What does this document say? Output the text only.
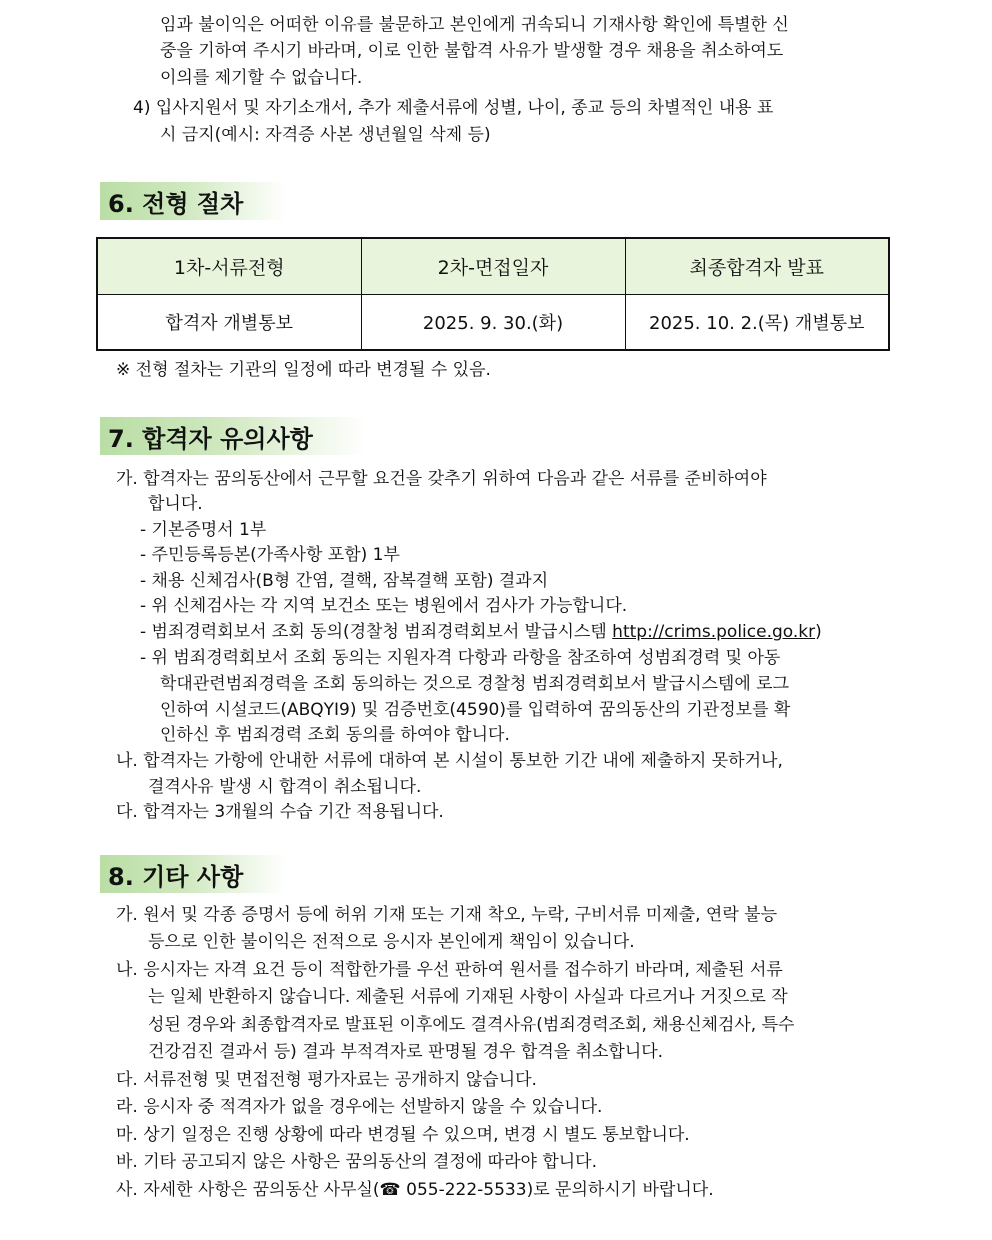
임과 불이익은 어떠한 이유를 불문하고 본인에게 귀속되니 기재사항 확인에 특별한 신
중을 기하여 주시기 바라며, 이로 인한 불합격 사유가 발생할 경우 채용을 취소하여도
이의를 제기할 수 없습니다.
4) 입사지원서 및 자기소개서, 추가 제출서류에 성별, 나이, 종교 등의 차별적인 내용 표
시 금지(예시: 자격증 사본 생년월일 삭제 등)
6. 전형 절차
1차-서류전형	2차-면접일자	최종합격자 발표
합격자 개별통보	2025. 9. 30.(화)	2025. 10. 2.(목) 개별통보
※ 전형 절차는 기관의 일정에 따라 변경될 수 있음.
7. 합격자 유의사항
가. 합격자는 꿈의동산에서 근무할 요건을 갖추기 위하여 다음과 같은 서류를 준비하여야
합니다.
- 기본증명서 1부
- 주민등록등본(가족사항 포함) 1부
- 채용 신체검사(B형 간염, 결핵, 잠복결핵 포함) 결과지
- 위 신체검사는 각 지역 보건소 또는 병원에서 검사가 가능합니다.
- 범죄경력회보서 조회 동의(경찰청 범죄경력회보서 발급시스템 http://crims.police.go.kr)
- 위 범죄경력회보서 조회 동의는 지원자격 다항과 라항을 참조하여 성범죄경력 및 아동
학대관련범죄경력을 조회 동의하는 것으로 경찰청 범죄경력회보서 발급시스템에 로그
인하여 시설코드(ABQYI9) 및 검증번호(4590)를 입력하여 꿈의동산의 기관정보를 확
인하신 후 범죄경력 조회 동의를 하여야 합니다.
나. 합격자는 가항에 안내한 서류에 대하여 본 시설이 통보한 기간 내에 제출하지 못하거나,
결격사유 발생 시 합격이 취소됩니다.
다. 합격자는 3개월의 수습 기간 적용됩니다.
8. 기타 사항
가. 원서 및 각종 증명서 등에 허위 기재 또는 기재 착오, 누락, 구비서류 미제출, 연락 불능
등으로 인한 불이익은 전적으로 응시자 본인에게 책임이 있습니다.
나. 응시자는 자격 요건 등이 적합한가를 우선 판하여 원서를 접수하기 바라며, 제출된 서류
는 일체 반환하지 않습니다. 제출된 서류에 기재된 사항이 사실과 다르거나 거짓으로 작
성된 경우와 최종합격자로 발표된 이후에도 결격사유(범죄경력조회, 채용신체검사, 특수
건강검진 결과서 등) 결과 부적격자로 판명될 경우 합격을 취소합니다.
다. 서류전형 및 면접전형 평가자료는 공개하지 않습니다.
라. 응시자 중 적격자가 없을 경우에는 선발하지 않을 수 있습니다.
마. 상기 일정은 진행 상황에 따라 변경될 수 있으며, 변경 시 별도 통보합니다.
바. 기타 공고되지 않은 사항은 꿈의동산의 결정에 따라야 합니다.
사. 자세한 사항은 꿈의동산 사무실(☎ 055-222-5533)로 문의하시기 바랍니다.
